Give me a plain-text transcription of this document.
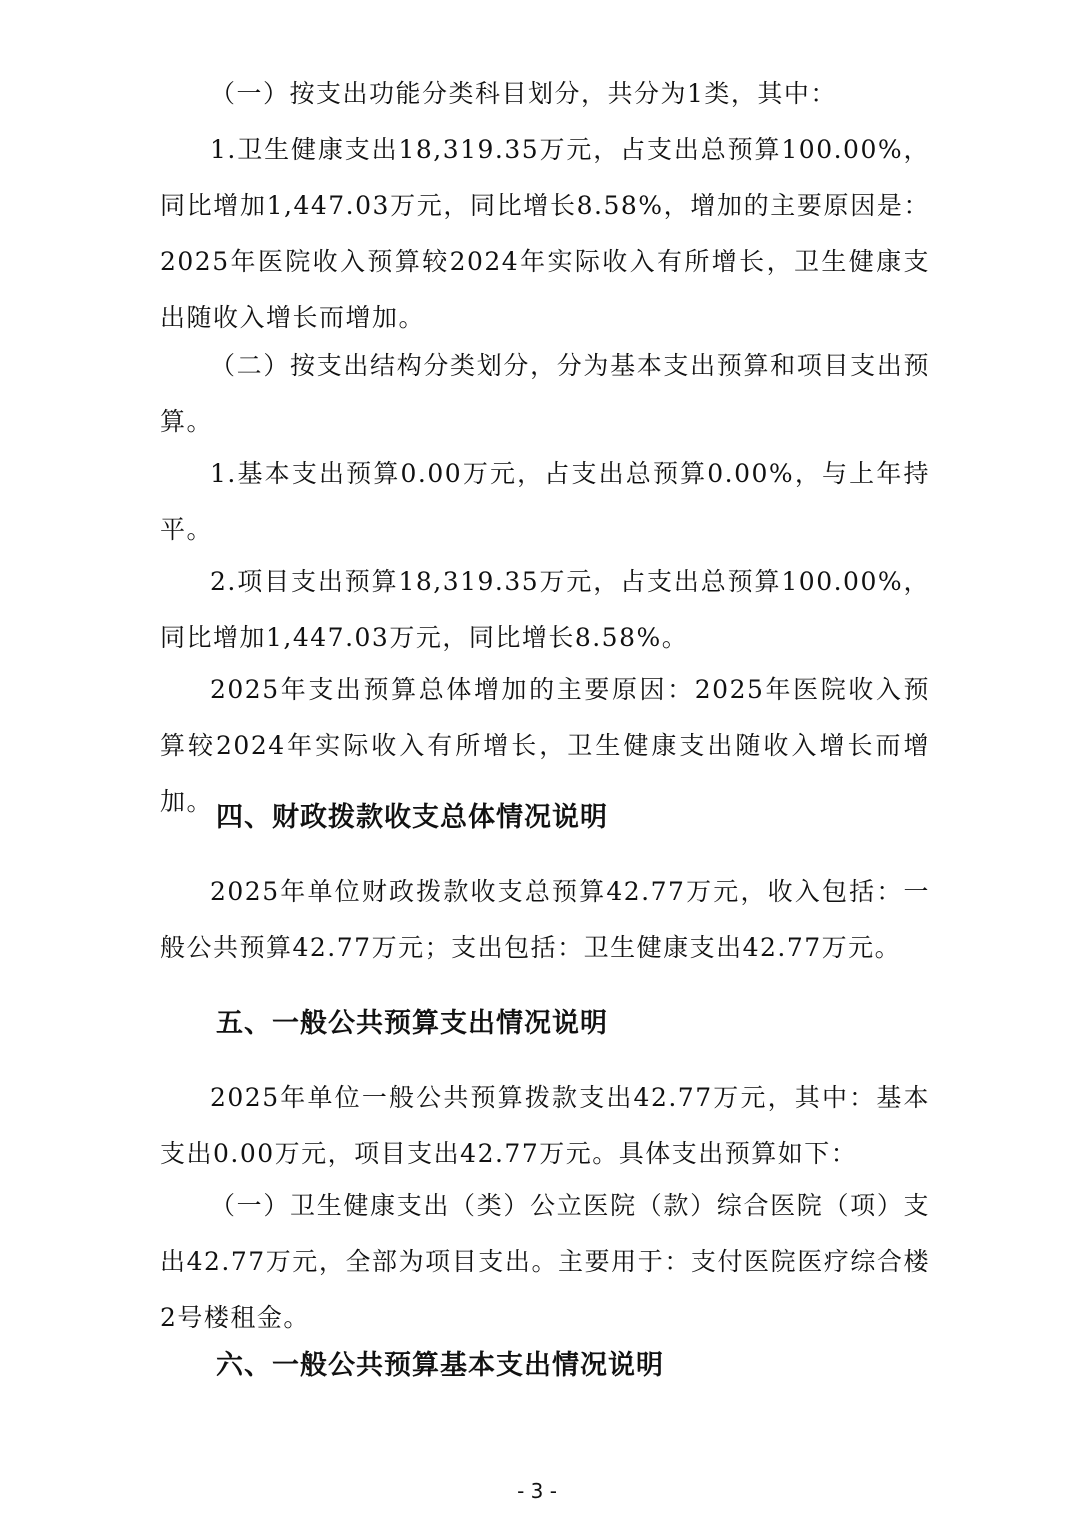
（一）按支出功能分类科目划分，共分为1类，其中：

1.卫生健康支出18,319.35万元，占支出总预算100.00%，同比增加1,447.03万元，同比增长8.58%，增加的主要原因是：2025年医院收入预算较2024年实际收入有所增长，卫生健康支出随收入增长而增加。

（二）按支出结构分类划分，分为基本支出预算和项目支出预算。

1.基本支出预算0.00万元，占支出总预算0.00%，与上年持平。

2.项目支出预算18,319.35万元，占支出总预算100.00%，同比增加1,447.03万元，同比增长8.58%。

2025年支出预算总体增加的主要原因：2025年医院收入预算较2024年实际收入有所增长，卫生健康支出随收入增长而增加。

四、财政拨款收支总体情况说明

2025年单位财政拨款收支总预算42.77万元，收入包括：一般公共预算42.77万元；支出包括：卫生健康支出42.77万元。

五、一般公共预算支出情况说明

2025年单位一般公共预算拨款支出42.77万元，其中：基本支出0.00万元，项目支出42.77万元。具体支出预算如下：

（一）卫生健康支出（类）公立医院（款）综合医院（项）支出42.77万元，全部为项目支出。主要用于：支付医院医疗综合楼2号楼租金。

六、一般公共预算基本支出情况说明
- 3 -
